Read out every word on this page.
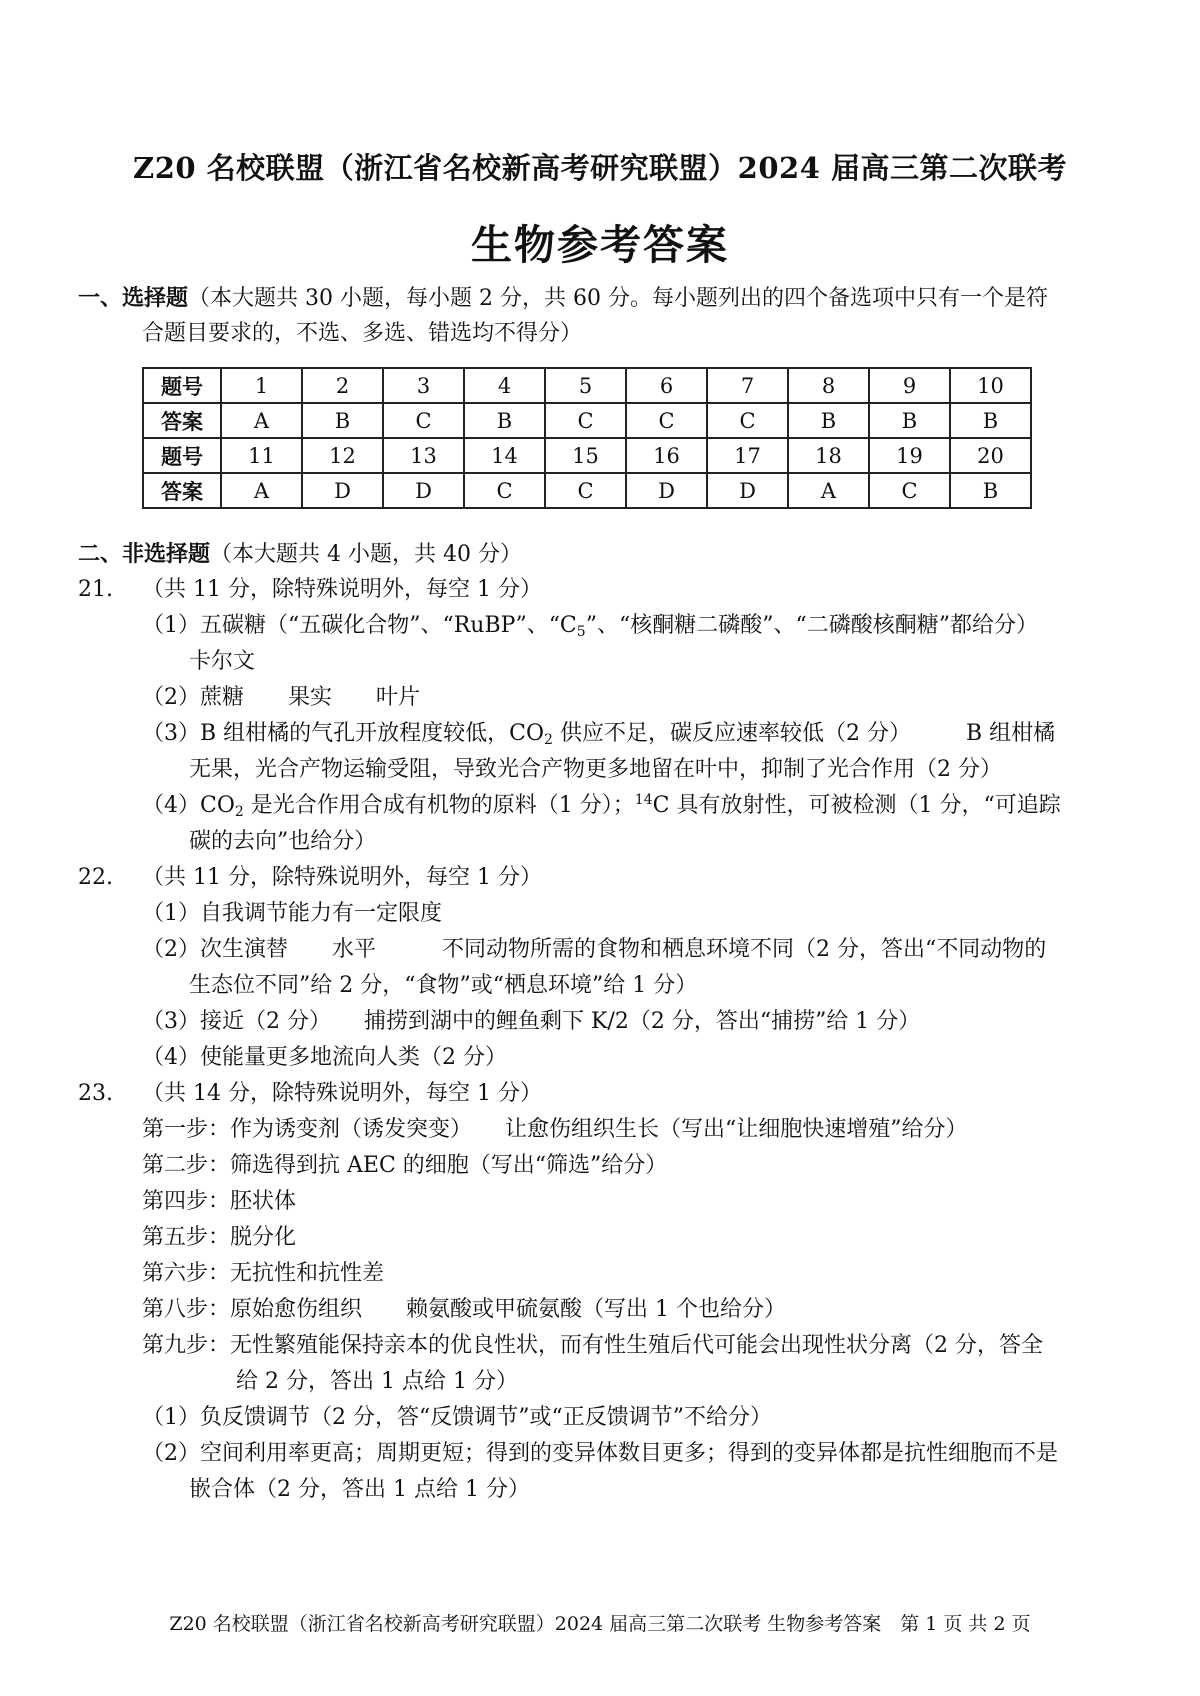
Z20 名校联盟（浙江省名校新高考研究联盟）2024 届高三第二次联考
生物参考答案
一、选择题（本大题共 30 小题，每小题 2 分，共 60 分。每小题列出的四个备选项中只有一个是符
合题目要求的，不选、多选、错选均不得分）
题号	1	2	3	4	5	6	7	8	9	10
答案	A	B	C	B	C	C	C	B	B	B
题号	11	12	13	14	15	16	17	18	19	20
答案	A	D	D	C	C	D	D	A	C	B
二、非选择题（本大题共 4 小题，共 40 分）
21. （共 11 分，除特殊说明外，每空 1 分）
（1）五碳糖（“五碳化合物”、“RuBP”、“$C_5$”、“核酮糖二磷酸”、“二磷酸核酮糖”都给分）
卡尔文
（2）蔗糖　　果实　　叶片
（3）B 组柑橘的气孔开放程度较低，$CO_2$ 供应不足，碳反应速率较低（2 分）　　　B 组柑橘
无果，光合产物运输受阻，导致光合产物更多地留在叶中，抑制了光合作用（2 分）
$(4)CO_2$ 是光合作用合成有机物的原料（1 分）；$^{14}$C 具有放射性，可被检测（1 分，“可追踪
碳的去向”也给分）
22. （共 11 分，除特殊说明外，每空 1 分）
（1）自我调节能力有一定限度
（2）次生演替　　水平　　　不同动物所需的食物和栖息环境不同（2 分，答出“不同动物的
生态位不同”给 2 分，“食物”或“栖息环境”给 1 分）
（3）接近（2 分）　　捕捞到湖中的鲤鱼剩下 K/2（2 分，答出“捕捞”给 1 分）
（4）使能量更多地流向人类（2 分）
23. （共 14 分，除特殊说明外，每空 1 分）
第一步：作为诱变剂（诱发突变）　　让愈伤组织生长（写出“让细胞快速增殖”给分）
第二步：筛选得到抗 AEC 的细胞（写出“筛选”给分）
第四步：胚状体
第五步：脱分化
第六步：无抗性和抗性差
第八步：原始愈伤组织　　赖氨酸或甲硫氨酸（写出 1 个也给分）
第九步：无性繁殖能保持亲本的优良性状，而有性生殖后代可能会出现性状分离（2 分，答全
给 2 分，答出 1 点给 1 分）
（1）负反馈调节（2 分，答“反馈调节”或“正反馈调节”不给分）
（2）空间利用率更高；周期更短；得到的变异体数目更多；得到的变异体都是抗性细胞而不是
嵌合体（2 分，答出 1 点给 1 分）
Z20 名校联盟（浙江省名校新高考研究联盟）2024 届高三第二次联考 生物参考答案　第 1 页 共 2 页
